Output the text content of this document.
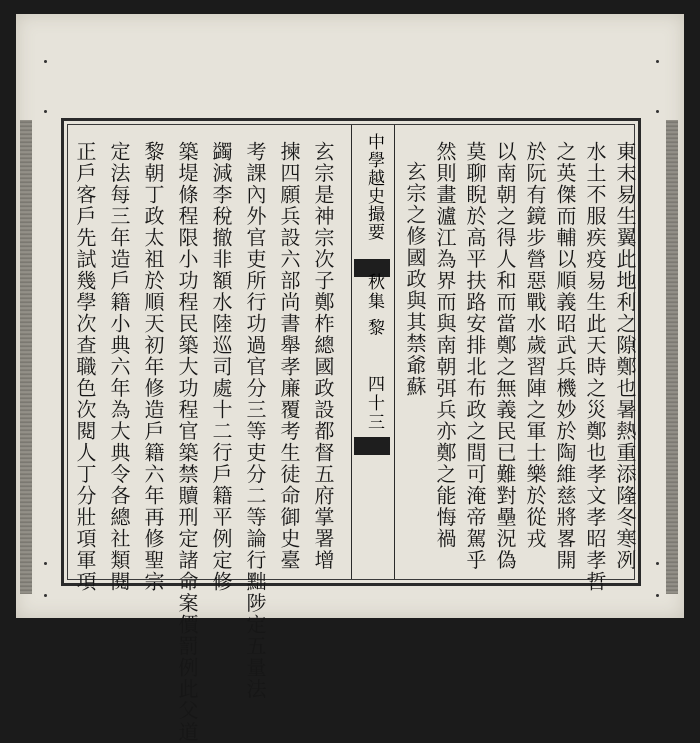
正戶客戶先試幾學次查職色次閱人丁分壯項軍項 定法每三年造戶籍小典六年為大典令各總社類閱 黎朝丁政太祖於順天初年修造戶籍六年再修聖宗 築堤條程限小功程民築大功程官築禁贖刑定諸命案價罰例此父道 蠲減李稅撤非額水陸巡司處十二行戶籍平例定修 考課內外官吏所行功過官分三等吏分二等論行黜陟定五量法 揀四願兵設六部尚書舉孝廉覆考生徒命御史臺 玄宗是神宗次子鄭柞總國政設都督五府掌署增 中學越史撮要
秋集 黎
四十三
玄宗之修國政與其禁爺蘇 然則畫瀘江為界而與南朝弭兵亦鄭之能悔禍 莫聊睨於高平扶路安排北布政之間可淹帝駕乎 以南朝之得人和而當鄭之無義民已難對壘況偽 於阮有鏡步營惡戰水歲習陣之軍士樂於從戎 之英傑而輔以順義昭武兵機妙於陶維慈將畧開 水土不服疾疫易生此天時之災鄭也孝文孝昭孝哲 東末易生翼此地利之隙鄭也暑熱重添隆冬寒冽
